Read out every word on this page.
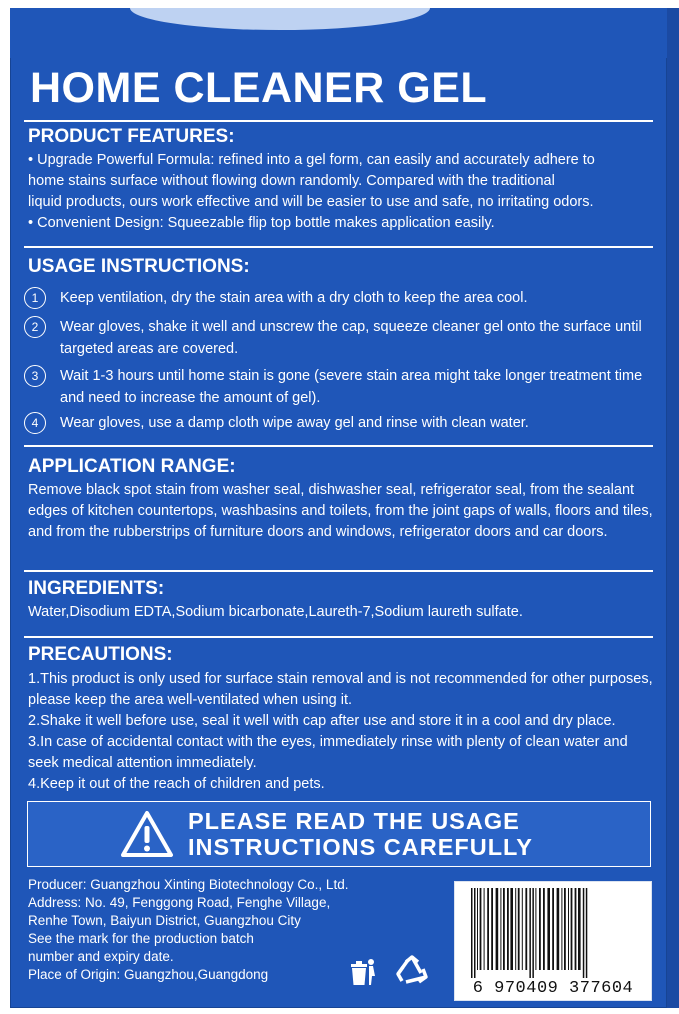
HOME CLEANER GEL
PRODUCT FEATURES:

• Upgrade Powerful Formula: refined into a gel form, can easily and accurately adhere to

home stains surface without flowing down randomly. Compared with the traditional

liquid products, ours work effective and will be easier to use and safe, no irritating odors.

• Convenient Design: Squeezable flip top bottle makes application easily.

USAGE INSTRUCTIONS:
1	Keep ventilation, dry the stain area with a dry cloth to keep the area cool.
2	Wear gloves, shake it well and unscrew the cap, squeeze cleaner gel onto the surface until targeted areas are covered.
3	Wait 1-3 hours until home stain is gone (severe stain area might take longer treatment time and need to increase the amount of gel).
4	Wear gloves, use a damp cloth wipe away gel and rinse with clean water.
APPLICATION RANGE:
Remove black spot stain from washer seal, dishwasher seal, refrigerator seal, from the sealant edges of kitchen countertops, washbasins and toilets, from the joint gaps of walls, floors and tiles, and from the rubberstrips of furniture doors and windows, refrigerator doors and car doors.
INGREDIENTS:
Water,Disodium EDTA,Sodium bicarbonate,Laureth-7,Sodium laureth sulfate.
PRECAUTIONS:

1.This product is only used for surface stain removal and is not recommended for other purposes, please keep the area well-ventilated when using it.

2.Shake it well before use, seal it well with cap after use and store it in a cool and dry place.

3.In case of accidental contact with the eyes, immediately rinse with plenty of clean water and seek medical attention immediately.

4.Keep it out of the reach of children and pets.

PLEASE READ THE USAGE
INSTRUCTIONS CAREFULLY

Producer: Guangzhou Xinting Biotechnology Co., Ltd.

Address: No. 49, Fenggong Road, Fenghe Village,

Renhe Town, Baiyun District, Guangzhou City

See the mark for the production batch

number and expiry date.

Place of Origin: Guangzhou,Guangdong

6 970409 377604
